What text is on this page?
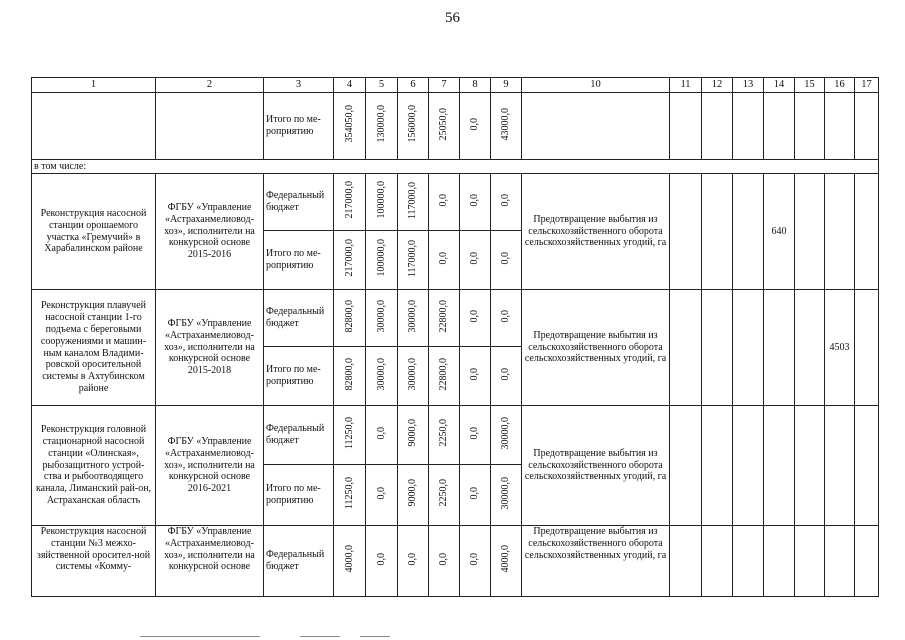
56
1	2	3	4	5	6	7	8	9	10	11	12	13	14	15	16	17
		Итого по ме-роприятию	354050,0	130000,0	156000,0	25050,0	0,0	43000,0								
в том числе:																
Реконструкция насосной станции орошаемого участка «Гремучий» в Харабалинском районе	ФГБУ «Управление «Астраханмелиовод-хоз», исполнители на конкурсной основе 2015-2016	Федеральный бюджет	217000,0	100000,0	117000,0	0,0	0,0	0,0	Предотвращение выбытия из сельскохозяйственного оборота сельскохозяйственных угодий, га				640			
		Итого по ме-роприятию	217000,0	100000,0	117000,0	0,0	0,0	0,0								
Реконструкция плавучей насосной станции 1-го подъема с береговыми сооружениями и машин-ным каналом Владими-ровской оросительной системы в Ахтубинском районе	ФГБУ «Управление «Астраханмелиовод-хоз», исполнители на конкурсной основе 2015-2018	Федеральный бюджет	82800,0	30000,0	30000,0	22800,0	0,0	0,0	Предотвращение выбытия из сельскохозяйственного оборота сельскохозяйственных угодий, га						4503	
		Итого по ме-роприятию	82800,0	30000,0	30000,0	22800,0	0,0	0,0								
Реконструкция головной стационарной насосной станции «Олинская», рыбозащитного устрой-ства и рыбоотводящего канала, Лиманский рай-он, Астраханская область	ФГБУ «Управление «Астраханмелиовод-хоз», исполнители на конкурсной основе 2016-2021	Федеральный бюджет	11250,0	0,0	9000,0	2250,0	0,0	30000,0	Предотвращение выбытия из сельскохозяйственного оборота сельскохозяйственных угодий, га							
		Итого по ме-роприятию	11250,0	0,0	9000,0	2250,0	0,0	30000,0								
Реконструкция насосной станции №3 межхо-зяйственной оросител-ной системы «Комму-	ФГБУ «Управление «Астраханмелиовод-хоз», исполнители на конкурсной основе	Федеральный бюджет	4000,0	0,0	0,0	0,0	0,0	4000,0	Предотвращение выбытия из сельскохозяйственного оборота сельскохозяйственных угодий, га							
